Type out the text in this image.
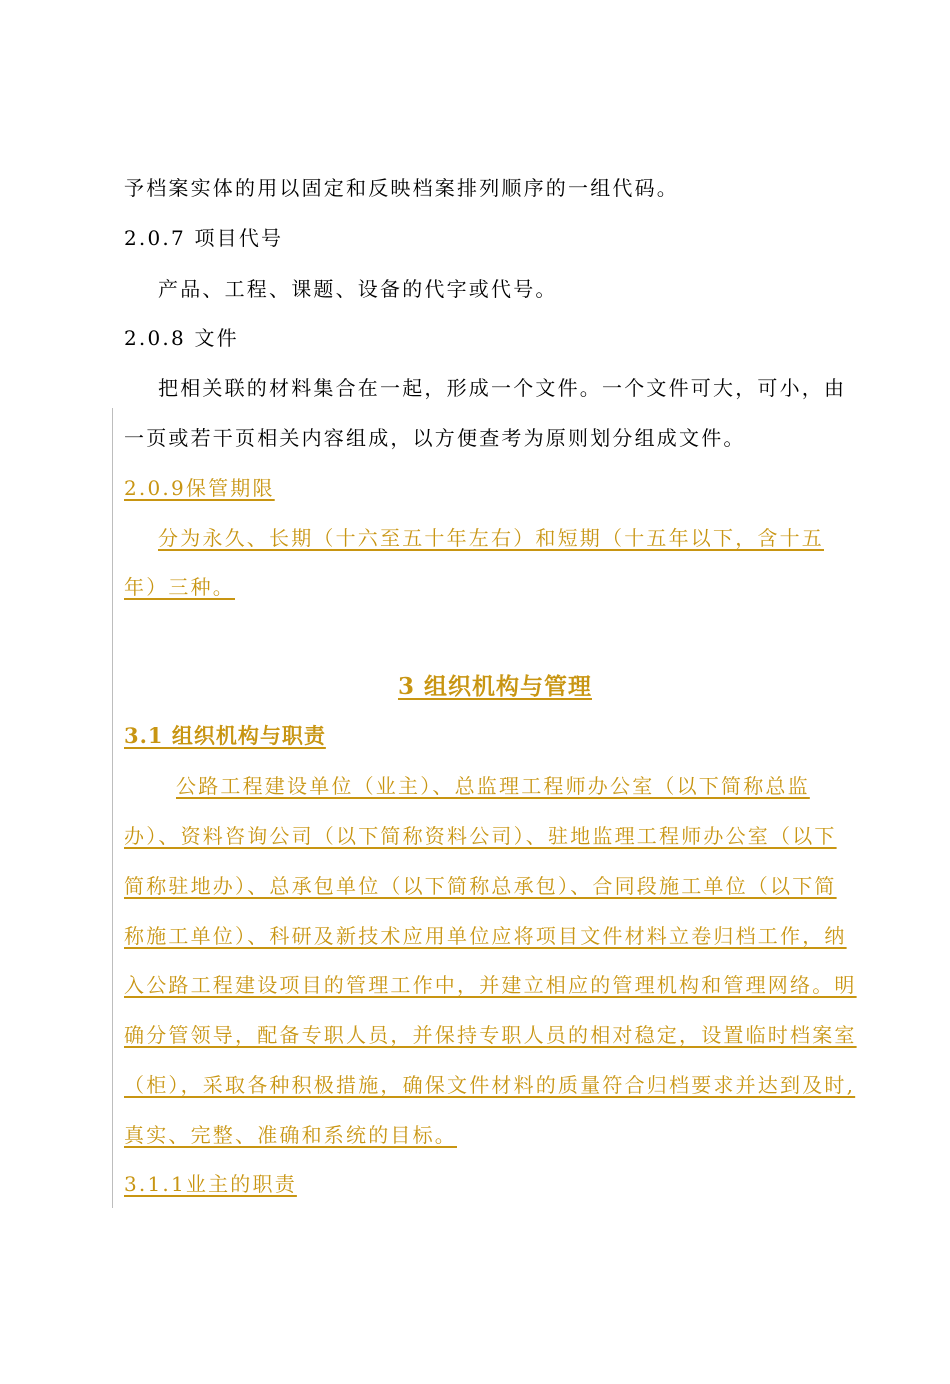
予档案实体的用以固定和反映档案排列顺序的一组代码。
2.0.7 项目代号
产品、工程、课题、设备的代字或代号。
2.0.8 文件
把相关联的材料集合在一起，形成一个文件。一个文件可大，可小，由
一页或若干页相关内容组成，以方便查考为原则划分组成文件。
2.0.9保管期限
分为永久、长期（十六至五十年左右）和短期（十五年以下，含十五
年）三种。
3 组织机构与管理
3.1 组织机构与职责
公路工程建设单位（业主）、总监理工程师办公室（以下简称总监
办）、资料咨询公司（以下简称资料公司）、驻地监理工程师办公室（以下
简称驻地办）、总承包单位（以下简称总承包）、合同段施工单位（以下简
称施工单位）、科研及新技术应用单位应将项目文件材料立卷归档工作，纳
入公路工程建设项目的管理工作中，并建立相应的管理机构和管理网络。明
确分管领导，配备专职人员，并保持专职人员的相对稳定，设置临时档案室
（柜），采取各种积极措施，确保文件材料的质量符合归档要求并达到及时,
真实、完整、准确和系统的目标。
3.1.1业主的职责
